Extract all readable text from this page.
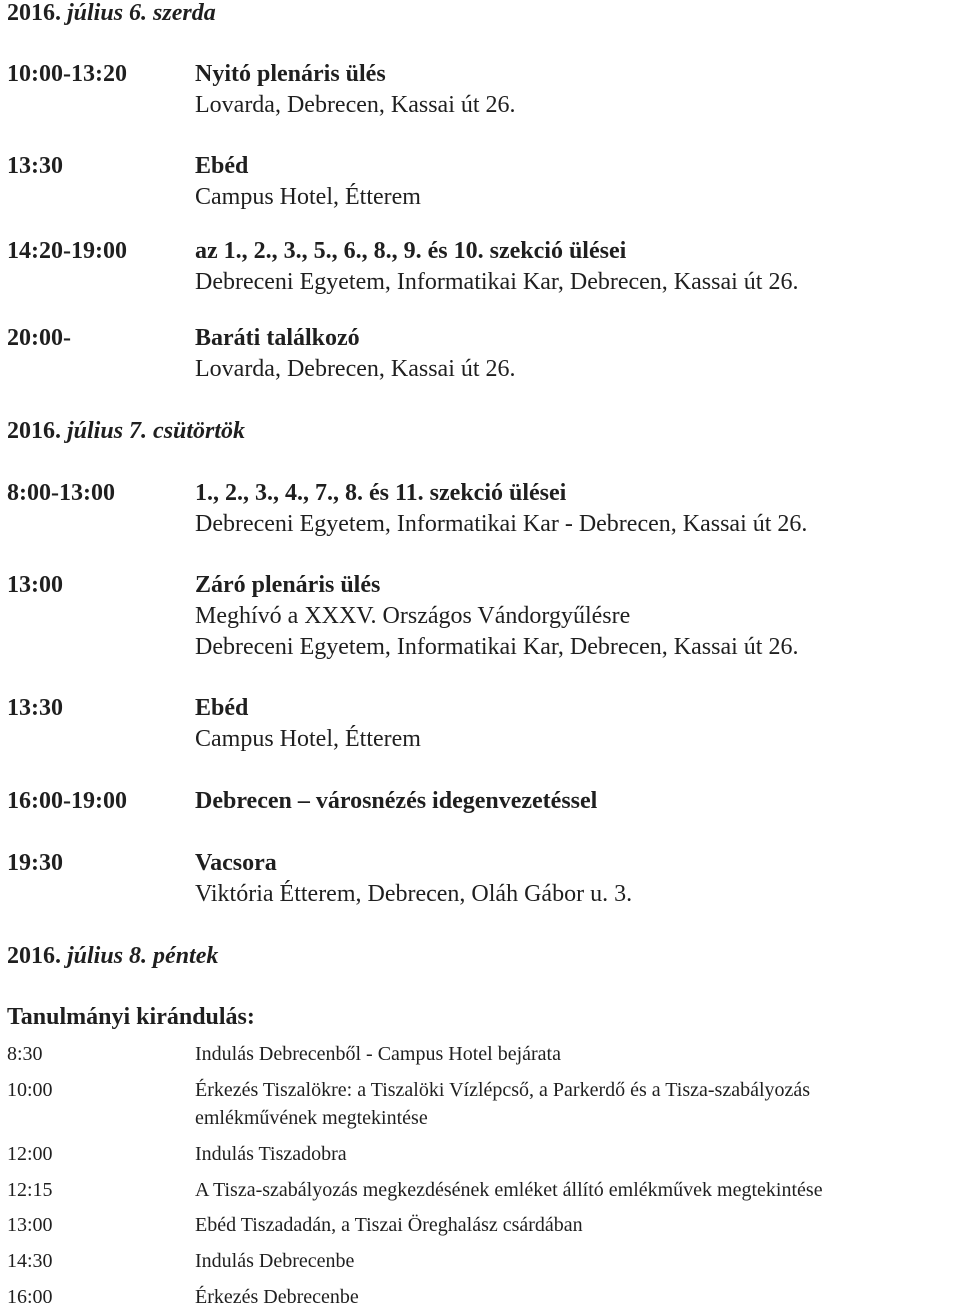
2016. július 6. szerda
10:00-13:20	Nyitó plenáris ülés
Lovarda, Debrecen, Kassai út 26.
13:30	Ebéd
Campus Hotel, Étterem
14:20-19:00	az 1., 2., 3., 5., 6., 8., 9. és 10. szekció ülései
Debreceni Egyetem, Informatikai Kar, Debrecen, Kassai út 26.
20:00-	Baráti találkozó
Lovarda, Debrecen, Kassai út 26.
2016. július 7. csütörtök
8:00-13:00	1., 2., 3., 4., 7., 8. és 11. szekció ülései
Debreceni Egyetem, Informatikai Kar - Debrecen, Kassai út 26.
13:00	Záró plenáris ülés
Meghívó a XXXV. Országos Vándorgyűlésre
Debreceni Egyetem, Informatikai Kar, Debrecen, Kassai út 26.
13:30	Ebéd
Campus Hotel, Étterem
16:00-19:00	Debrecen – városnézés idegenvezetéssel
19:30	Vacsora
Viktória Étterem, Debrecen, Oláh Gábor u. 3.
2016. július 8. péntek
Tanulmányi kirándulás:
8:30	Indulás Debrecenből - Campus Hotel bejárata
10:00	Érkezés Tiszalökre: a Tiszalöki Vízlépcső, a Parkerdő és a Tisza-szabályozás
emlékművének megtekintése
12:00	Indulás Tiszadobra
12:15	A Tisza-szabályozás megkezdésének emléket állító emlékművek megtekintése
13:00	Ebéd Tiszadadán, a Tiszai Öreghalász csárdában
14:30	Indulás Debrecenbe
16:00	Érkezés Debrecenbe
